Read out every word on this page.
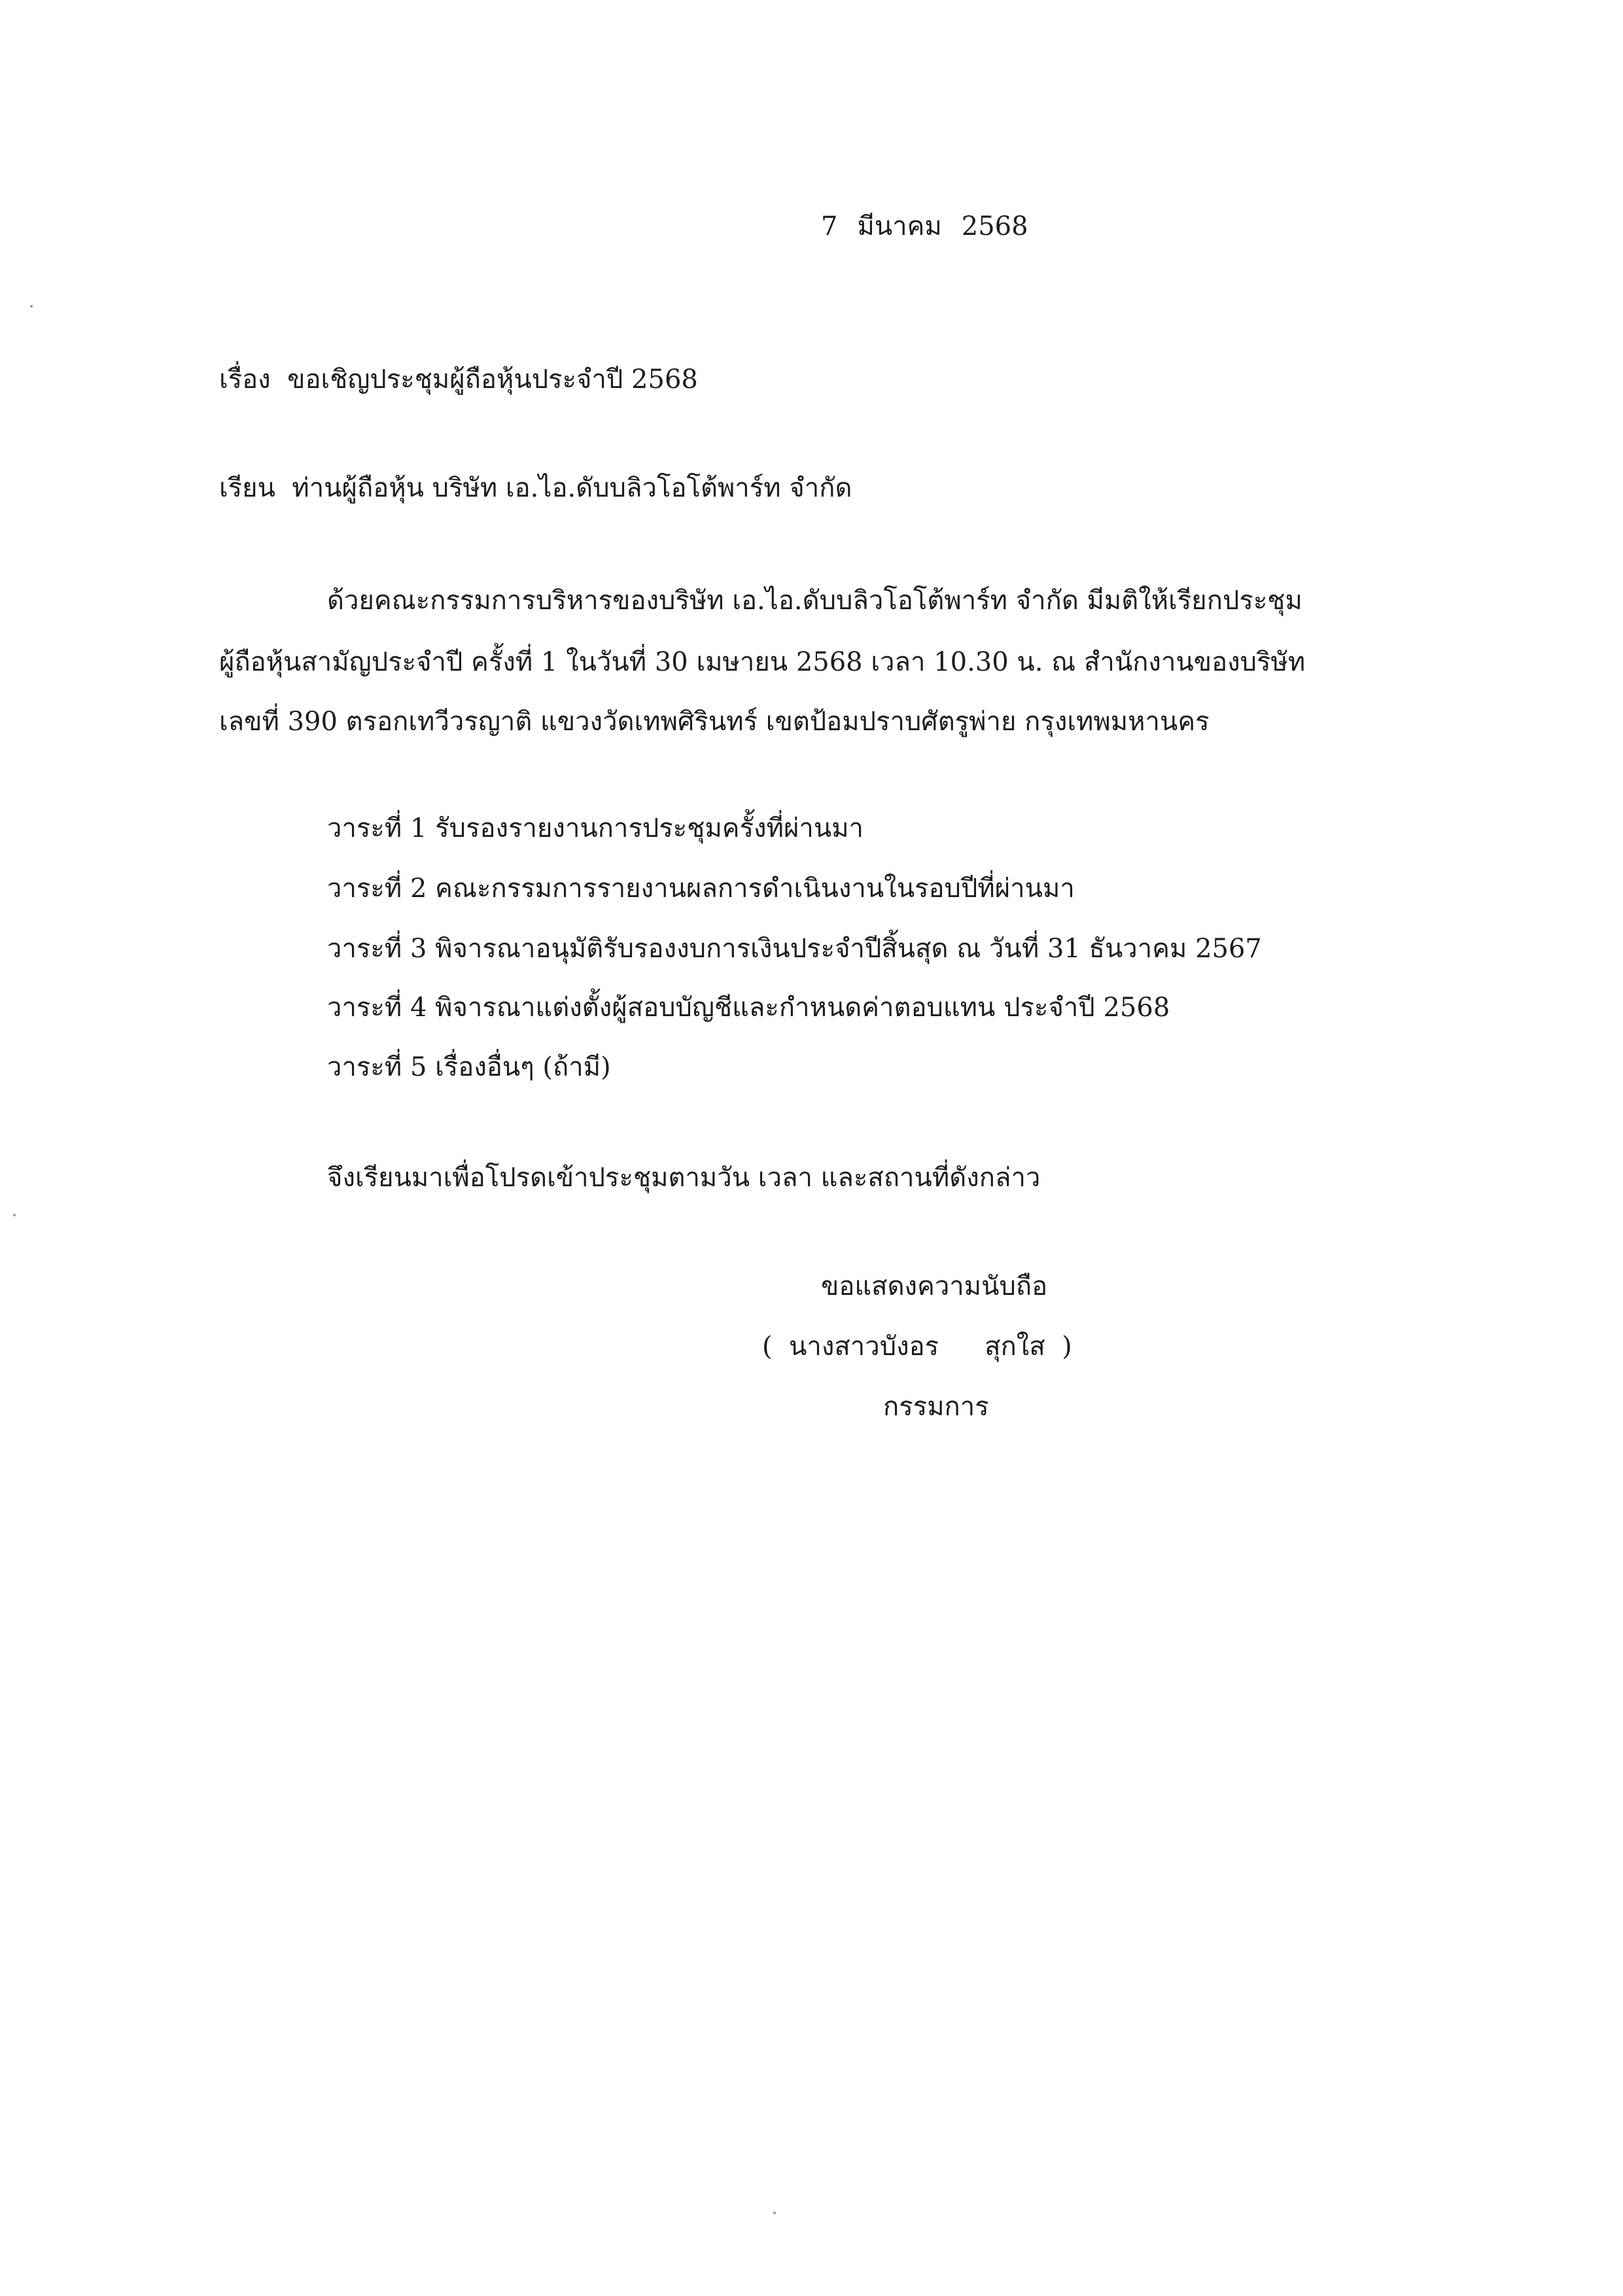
7 มีนาคม 2568
เรื่อง ขอเชิญประชุมผู้ถือหุ้นประจำปี 2568
เรียน ท่านผู้ถือหุ้น บริษัท เอ.ไอ.ดับบลิวโอโต้พาร์ท จำกัด
ด้วยคณะกรรมการบริหารของบริษัท เอ.ไอ.ดับบลิวโอโต้พาร์ท จำกัด มีมติให้เรียกประชุม
ผู้ถือหุ้นสามัญประจำปี ครั้งที่ 1 ในวันที่ 30 เมษายน 2568 เวลา 10.30 น. ณ สำนักงานของบริษัท
เลขที่ 390 ตรอกเทวีวรญาติ แขวงวัดเทพศิรินทร์ เขตป้อมปราบศัตรูพ่าย กรุงเทพมหานคร
วาระที่ 1 รับรองรายงานการประชุมครั้งที่ผ่านมา
วาระที่ 2 คณะกรรมการรายงานผลการดำเนินงานในรอบปีที่ผ่านมา
วาระที่ 3 พิจารณาอนุมัติรับรองงบการเงินประจำปีสิ้นสุด ณ วันที่ 31 ธันวาคม 2567
วาระที่ 4 พิจารณาแต่งตั้งผู้สอบบัญชีและกำหนดค่าตอบแทน ประจำปี 2568
วาระที่ 5 เรื่องอื่นๆ (ถ้ามี)
จึงเรียนมาเพื่อโปรดเข้าประชุมตามวัน เวลา และสถานที่ดังกล่าว
ขอแสดงความนับถือ
( นางสาวบังอร สุกใส )
กรรมการ
